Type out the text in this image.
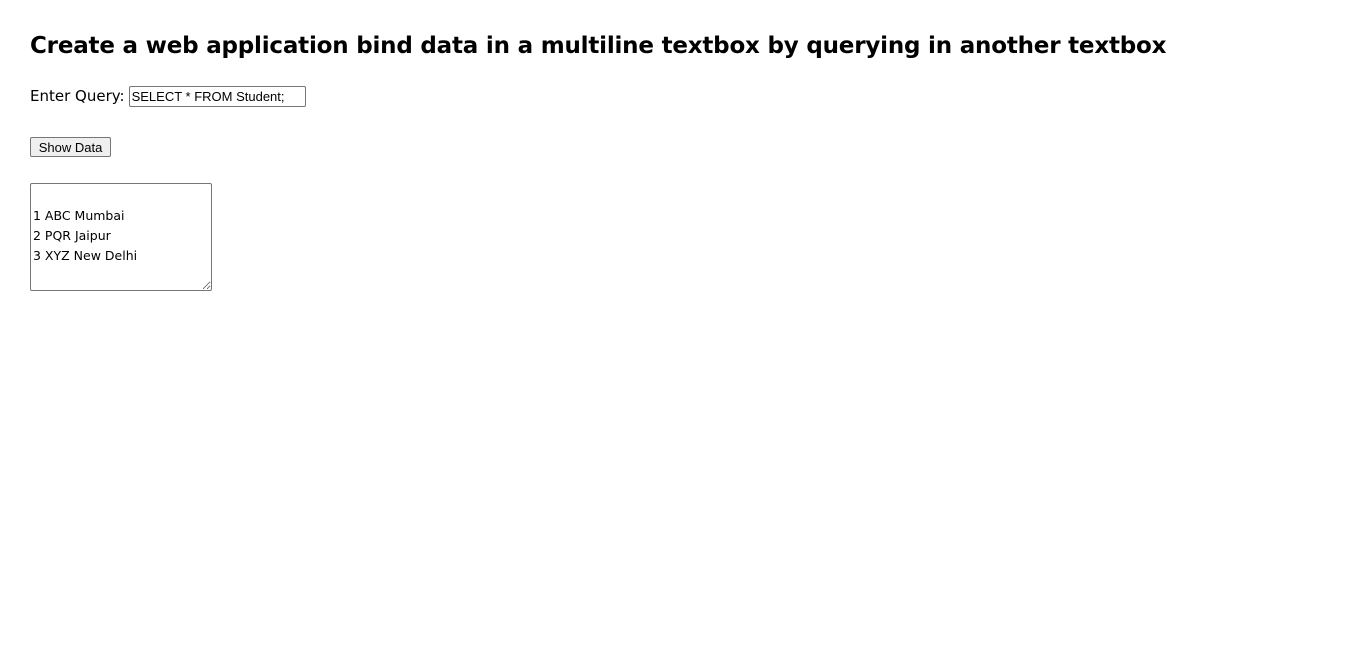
Create a web application bind data in a multiline textbox by querying in another textbox
Enter Query:
SELECT * FROM Student;
Show Data
1 ABC Mumbai 2 PQR Jaipur 3 XYZ New Delhi
